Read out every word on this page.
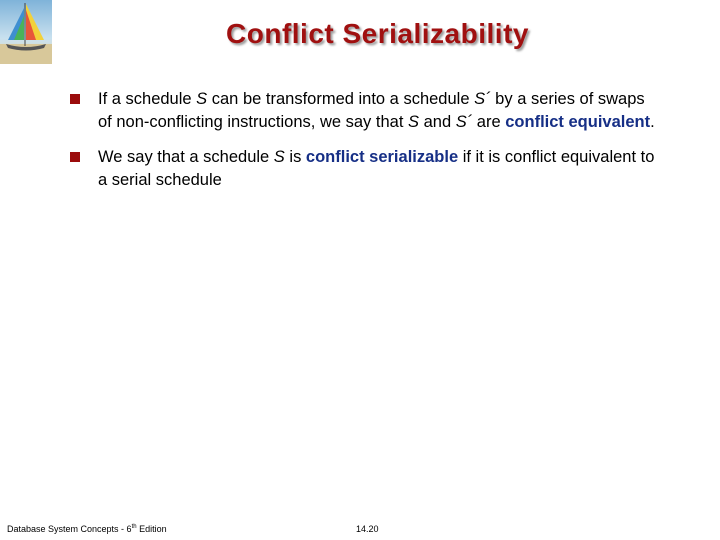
Conflict Serializability
If a schedule S can be transformed into a schedule S´ by a series of swaps of non-conflicting instructions, we say that S and S´ are conflict equivalent.
We say that a schedule S is conflict serializable if it is conflict equivalent to a serial schedule
Database System Concepts - 6th Edition	14.20
